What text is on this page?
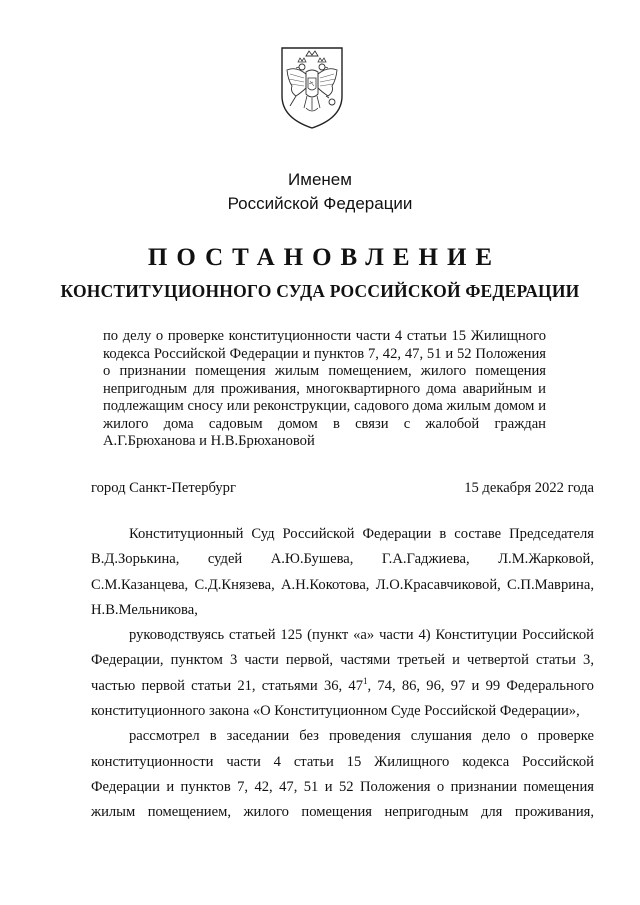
Именем
Российской Федерации
ПОСТАНОВЛЕНИЕ
КОНСТИТУЦИОННОГО СУДА РОССИЙСКОЙ ФЕДЕРАЦИИ
по делу о проверке конституционности части 4 статьи 15 Жилищного кодекса Российской Федерации и пунктов 7, 42, 47, 51 и 52 Положения о признании помещения жилым помещением, жилого помещения непригодным для проживания, многоквартирного дома аварийным и подлежащим сносу или реконструкции, садового дома жилым домом и жилого дома садовым домом в связи с жалобой граждан А.Г.Брюханова и Н.В.Брюхановой
город Санкт-Петербург	15 декабря 2022 года

Конституционный Суд Российской Федерации в составе Председателя В.Д.Зорькина, судей А.Ю.Бушева, Г.А.Гаджиева, Л.М.Жарковой, С.М.Казанцева, С.Д.Князева, А.Н.Кокотова, Л.О.Красавчиковой, С.П.Маврина, Н.В.Мельникова,

руководствуясь статьей 125 (пункт «а» части 4) Конституции Российской Федерации, пунктом 3 части первой, частями третьей и четвертой статьи 3, частью первой статьи 21, статьями 36, $47^1$, 74, 86, 96, 97 и 99 Федерального конституционного закона «О Конституционном Суде Российской Федерации»,

рассмотрел в заседании без проведения слушания дело о проверке конституционности части 4 статьи 15 Жилищного кодекса Российской Федерации и пунктов 7, 42, 47, 51 и 52 Положения о признании помещения жилым помещением, жилого помещения непригодным для проживания,
